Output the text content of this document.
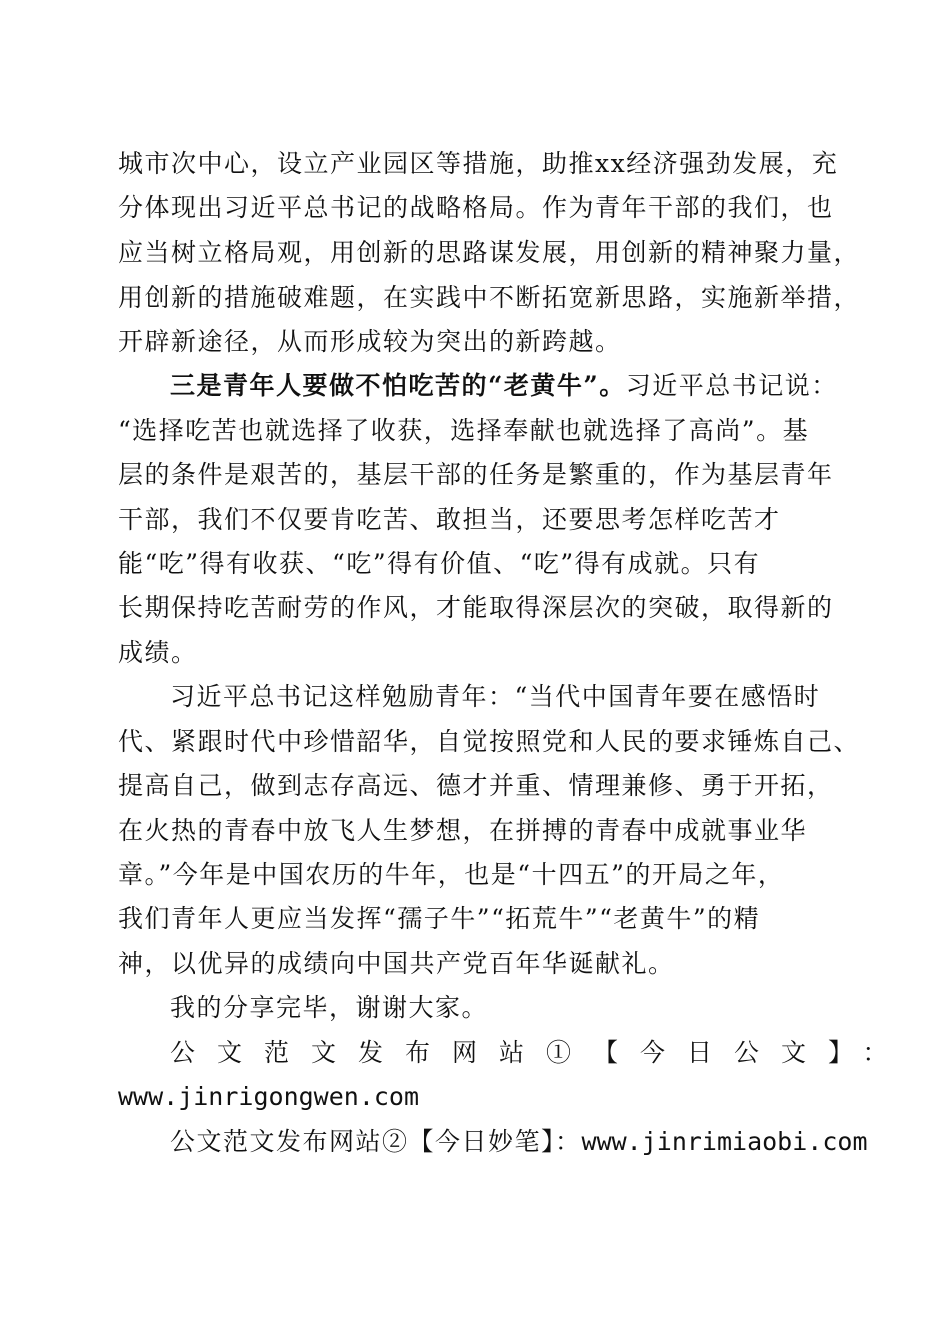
城市次中心，设立产业园区等措施，助推xx经济强劲发展，充
分体现出习近平总书记的战略格局。作为青年干部的我们，也
应当树立格局观，用创新的思路谋发展，用创新的精神聚力量，
用创新的措施破难题，在实践中不断拓宽新思路，实施新举措，
开辟新途径，从而形成较为突出的新跨越。
三是青年人要做不怕吃苦的“老黄牛”。习近平总书记说：
“选择吃苦也就选择了收获，选择奉献也就选择了高尚”。基
层的条件是艰苦的，基层干部的任务是繁重的，作为基层青年
干部，我们不仅要肯吃苦、敢担当，还要思考怎样吃苦才
能“吃”得有收获、“吃”得有价值、“吃”得有成就。只有
长期保持吃苦耐劳的作风，才能取得深层次的突破，取得新的
成绩。
习近平总书记这样勉励青年：“当代中国青年要在感悟时
代、紧跟时代中珍惜韶华，自觉按照党和人民的要求锤炼自己、
提高自己，做到志存高远、德才并重、情理兼修、勇于开拓，
在火热的青春中放飞人生梦想，在拼搏的青春中成就事业华
章。”今年是中国农历的牛年，也是“十四五”的开局之年，
我们青年人更应当发挥“孺子牛”“拓荒牛”“老黄牛”的精
神，以优异的成绩向中国共产党百年华诞献礼。
我的分享完毕，谢谢大家。
公文范文发布网站①【今日公文】：
www.jinrigongwen.com
公文范文发布网站②【今日妙笔】：www.jinrimiaobi.com
